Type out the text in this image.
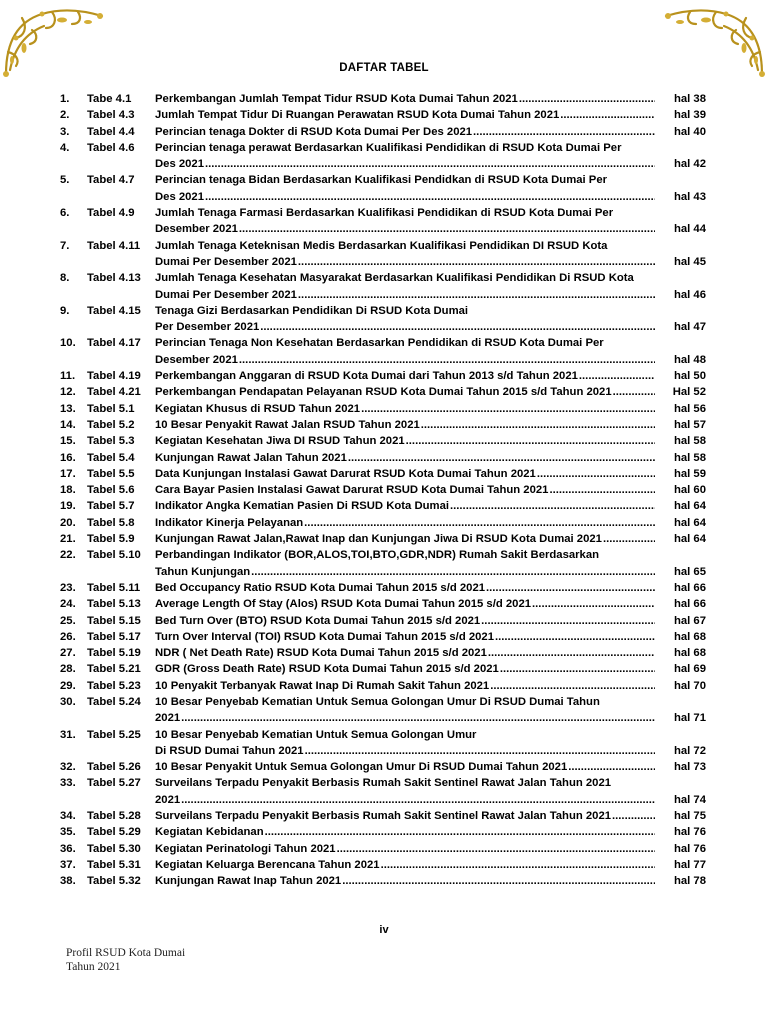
DAFTAR TABEL
1.	Tabe 4.1	Perkembangan Jumlah Tempat Tidur RSUD Kota Dumai Tahun 2021 .....	hal 38
2.	Tabel 4.3	Jumlah Tempat Tidur Di Ruangan Perawatan RSUD Kota Dumai Tahun 2021 .....	hal 39
3.	Tabel 4.4	Perincian tenaga Dokter di RSUD Kota Dumai Per Des 2021 .....	hal 40
4.	Tabel 4.6	Perincian tenaga perawat Berdasarkan Kualifikasi Pendidikan di RSUD Kota Dumai Per
Des 2021 .....	hal 42
5.	Tabel 4.7	Perincian tenaga Bidan Berdasarkan Kualifikasi Pendidkan di RSUD Kota Dumai Per
Des 2021 .....	hal 43
6.	Tabel 4.9	Jumlah Tenaga Farmasi Berdasarkan Kualifikasi Pendidikan di RSUD Kota Dumai Per
Desember 2021 .....	hal 44
7.	Tabel 4.11	Jumlah Tenaga Keteknisan Medis Berdasarkan Kualifikasi Pendidikan DI RSUD Kota
Dumai Per Desember 2021 .....	hal 45
8.	Tabel 4.13	Jumlah Tenaga Kesehatan Masyarakat Berdasarkan Kualifikasi Pendidikan Di RSUD Kota
Dumai Per Desember 2021 .....	hal 46
9.	Tabel 4.15	Tenaga Gizi Berdasarkan Pendidikan Di RSUD Kota Dumai
Per Desember 2021 .....	hal 47
10. Tabel 4.17	Perincian Tenaga Non Kesehatan Berdasarkan Pendidikan di RSUD Kota Dumai Per
Desember 2021 .....	hal 48
11.	Tabel 4.19	Perkembangan Anggaran di RSUD Kota Dumai dari Tahun 2013 s/d Tahun 2021 .....	hal 50
12. Tabel 4.21	Perkembangan Pendapatan Pelayanan RSUD Kota Dumai Tahun 2015 s/d Tahun 2021 .....	Hal 52
13. Tabel 5.1	Kegiatan Khusus di RSUD Tahun 2021 .....	hal 56
14. Tabel 5.2	10 Besar Penyakit Rawat Jalan RSUD Tahun 2021 .....	hal 57
15. Tabel 5.3	Kegiatan Kesehatan Jiwa DI RSUD Tahun 2021 .....	hal 58
16. Tabel 5.4	Kunjungan Rawat Jalan Tahun 2021 .....	hal 58
17. Tabel 5.5	Data Kunjungan Instalasi Gawat Darurat RSUD Kota Dumai Tahun 2021 .....	hal 59
18. Tabel 5.6	Cara Bayar Pasien Instalasi Gawat Darurat RSUD Kota Dumai Tahun 2021 .....	hal 60
19. Tabel 5.7	Indikator Angka Kematian Pasien Di RSUD Kota Dumai .....	hal 64
20. Tabel 5.8	Indikator Kinerja Pelayanan .....	hal 64
21. Tabel 5.9	Kunjungan Rawat Jalan,Rawat Inap dan Kunjungan Jiwa Di RSUD Kota Dumai 2021 .....	hal 64
22. Tabel 5.10	Perbandingan Indikator (BOR,ALOS,TOI,BTO,GDR,NDR) Rumah Sakit Berdasarkan
Tahun Kunjungan .....	hal 65
23. Tabel 5.11	Bed Occupancy Ratio RSUD Kota Dumai Tahun 2015 s/d 2021 .....	hal 66
24. Tabel 5.13	Average Length Of Stay (Alos) RSUD Kota Dumai Tahun 2015 s/d 2021 .....	hal 66
25. Tabel 5.15	Bed Turn Over (BTO) RSUD Kota Dumai Tahun 2015 s/d 2021 .....	hal 67
26. Tabel 5.17	Turn Over Interval (TOI) RSUD Kota Dumai Tahun 2015 s/d 2021 .....	hal 68
27. Tabel 5.19	NDR ( Net Death Rate) RSUD Kota Dumai Tahun 2015 s/d 2021 .....	hal 68
28. Tabel 5.21	GDR (Gross Death Rate) RSUD Kota Dumai Tahun 2015 s/d 2021 .....	hal 69
29. Tabel 5.23	10 Penyakit Terbanyak Rawat Inap Di Rumah Sakit Tahun 2021 .....	hal 70
30. Tabel 5.24	10 Besar Penyebab Kematian Untuk Semua Golongan Umur Di RSUD Dumai Tahun
2021 .....	hal 71
31. Tabel 5.25	10 Besar Penyebab Kematian Untuk Semua Golongan Umur
Di RSUD Dumai Tahun 2021 .....	hal 72
32. Tabel 5.26	10 Besar Penyakit Untuk Semua Golongan Umur Di RSUD Dumai Tahun 2021 .....	hal 73
33. Tabel 5.27	Surveilans Terpadu Penyakit Berbasis Rumah Sakit Sentinel Rawat Jalan Tahun 2021
2021 .....	hal 74
34. Tabel 5.28	Surveilans Terpadu Penyakit Berbasis Rumah Sakit Sentinel Rawat Jalan Tahun 2021 .....	hal 75
35. Tabel 5.29	Kegiatan Kebidanan .....	hal 76
36. Tabel 5.30	Kegiatan Perinatologi Tahun 2021 .....	hal 76
37. Tabel 5.31	Kegiatan Keluarga Berencana Tahun 2021 .....	hal 77
38. Tabel 5.32	Kunjungan Rawat Inap Tahun 2021 .....	hal 78
iv
Profil RSUD Kota Dumai
Tahun 2021
